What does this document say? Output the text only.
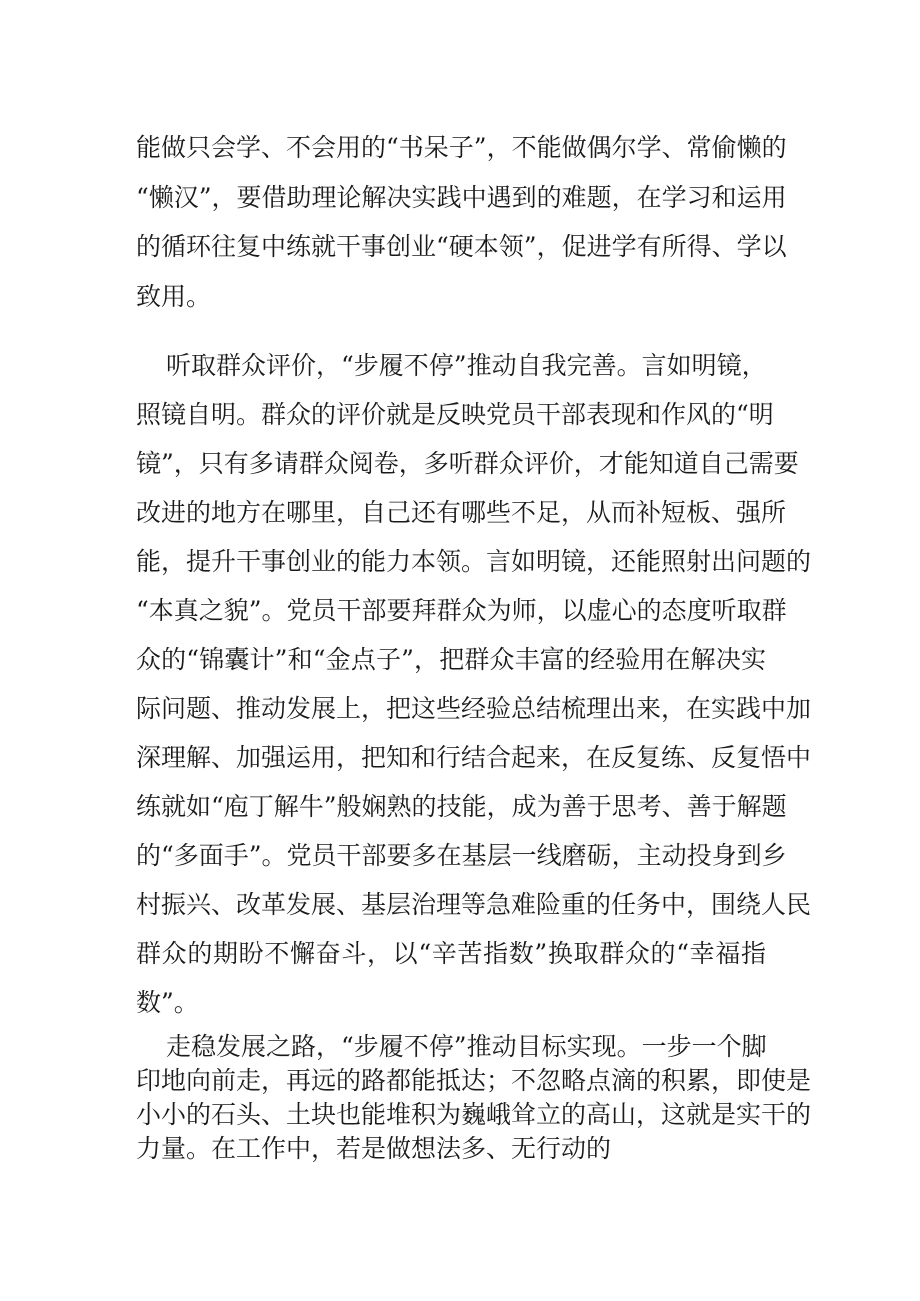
能做只会学、不会用的“书呆子”，不能做偶尔学、常偷懒的
“懒汉”，要借助理论解决实践中遇到的难题，在学习和运用
的循环往复中练就干事创业“硬本领”，促进学有所得、学以
致用。
听取群众评价，“步履不停”推动自我完善。言如明镜，
照镜自明。群众的评价就是反映党员干部表现和作风的“明
镜”，只有多请群众阅卷，多听群众评价，才能知道自己需要
改进的地方在哪里，自己还有哪些不足，从而补短板、强所
能，提升干事创业的能力本领。言如明镜，还能照射出问题的
“本真之貌”。党员干部要拜群众为师，以虚心的态度听取群
众的“锦囊计”和“金点子”，把群众丰富的经验用在解决实
际问题、推动发展上，把这些经验总结梳理出来，在实践中加
深理解、加强运用，把知和行结合起来，在反复练、反复悟中
练就如“庖丁解牛”般娴熟的技能，成为善于思考、善于解题
的“多面手”。党员干部要多在基层一线磨砺，主动投身到乡
村振兴、改革发展、基层治理等急难险重的任务中，围绕人民
群众的期盼不懈奋斗，以“辛苦指数”换取群众的“幸福指
数”。
走稳发展之路，“步履不停”推动目标实现。一步一个脚
印地向前走，再远的路都能抵达；不忽略点滴的积累，即使是
小小的石头、土块也能堆积为巍峨耸立的高山，这就是实干的
力量。在工作中，若是做想法多、无行动的
